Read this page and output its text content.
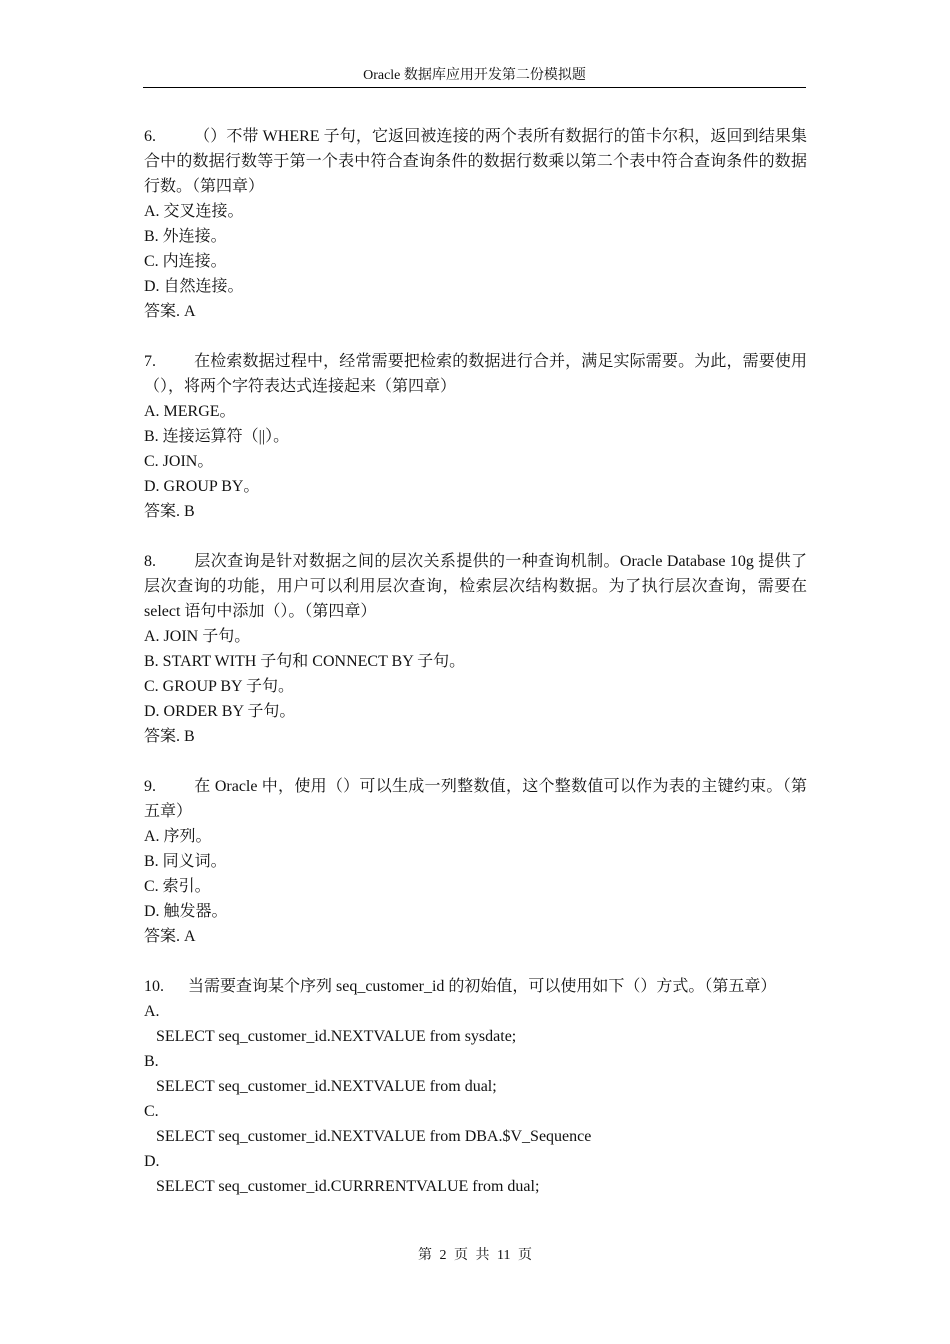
Oracle 数据库应用开发第二份模拟题

6. （）不带 WHERE 子句，它返回被连接的两个表所有数据行的笛卡尔积，返回到结果集合中的数据行数等于第一个表中符合查询条件的数据行数乘以第二个表中符合查询条件的数据行数。（第四章）

A. 交叉连接。

B. 外连接。

C. 内连接。

D. 自然连接。

答案. A

7. 在检索数据过程中，经常需要把检索的数据进行合并，满足实际需要。为此，需要使用（），将两个字符表达式连接起来（第四章）

A. MERGE。

B. 连接运算符（||）。

C. JOIN。

D. GROUP BY。

答案. B

8. 层次查询是针对数据之间的层次关系提供的一种查询机制。Oracle Database 10g 提供了层次查询的功能，用户可以利用层次查询，检索层次结构数据。为了执行层次查询，需要在 select 语句中添加（）。（第四章）

A. JOIN 子句。

B. START WITH 子句和 CONNECT BY 子句。

C. GROUP BY 子句。

D. ORDER BY 子句。

答案. B

9. 在 Oracle 中，使用（）可以生成一列整数值，这个整数值可以作为表的主键约束。（第五章）

A. 序列。

B. 同义词。

C. 索引。

D. 触发器。

答案. A

10. 当需要查询某个序列 seq_customer_id 的初始值，可以使用如下（）方式。（第五章）

A.

SELECT seq_customer_id.NEXTVALUE from sysdate;

B.

SELECT seq_customer_id.NEXTVALUE from dual;

C.

SELECT seq_customer_id.NEXTVALUE from DBA.$V_Sequence

D.

SELECT seq_customer_id.CURRRENTVALUE from dual;

第 2 页 共 11 页
